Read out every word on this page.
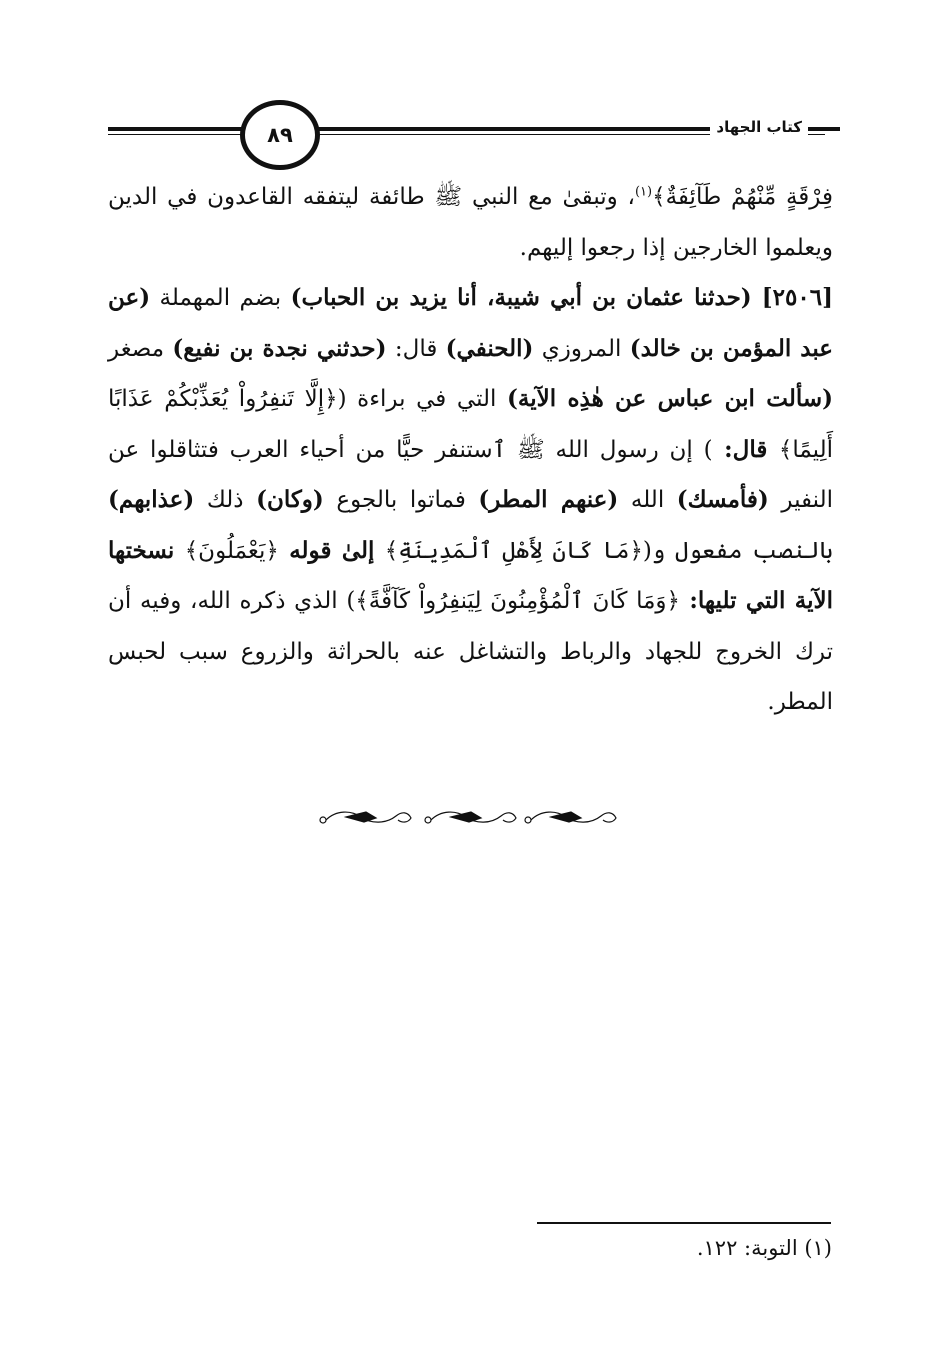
٨٩	كتاب الجهاد

فِرْقَةٍ مِّنْهُمْ طَآئِفَةٌ﴾$^{(١)}$، وتبقىٰ مع النبي ﷺ طائفة ليتفقه القاعدون في الدين ويعلموا الخارجين إذا رجعوا إليهم.

[٢٥٠٦] (حدثنا عثمان بن أبي شيبة، أنا يزيد بن الحباب) بضم المهملة (عن عبد المؤمن بن خالد) المروزي (الحنفي) قال: (حدثني نجدة بن نفيع) مصغر (سألت ابن عباس عن هٰذِه الآية) التي في براءة (﴿إِلَّا تَنفِرُواْ يُعَذِّبْكُمْ عَذَابًا أَلِيمًا﴾ قال: ) إن رسول الله ﷺ ٱستنفر حيًّا من أحياء العرب فتثاقلوا عن النفير (فأمسك) الله (عنهم المطر) فماتوا بالجوع (وكان) ذلك (عذابهم) بالنصب مفعول و(﴿مَا كَانَ لِأَهْلِ ٱلْمَدِينَةِ﴾ إلىٰ قوله ﴿يَعْمَلُونَ﴾ نسختها الآية التي تليها: ﴿وَمَا كَانَ ٱلْمُؤْمِنُونَ لِيَنفِرُواْ كَآفَّةً﴾) الذي ذكره الله، وفيه أن ترك الخروج للجهاد والرباط والتشاغل عنه بالحراثة والزروع سبب لحبس المطر.

(١) التوبة: ١٢٢.
